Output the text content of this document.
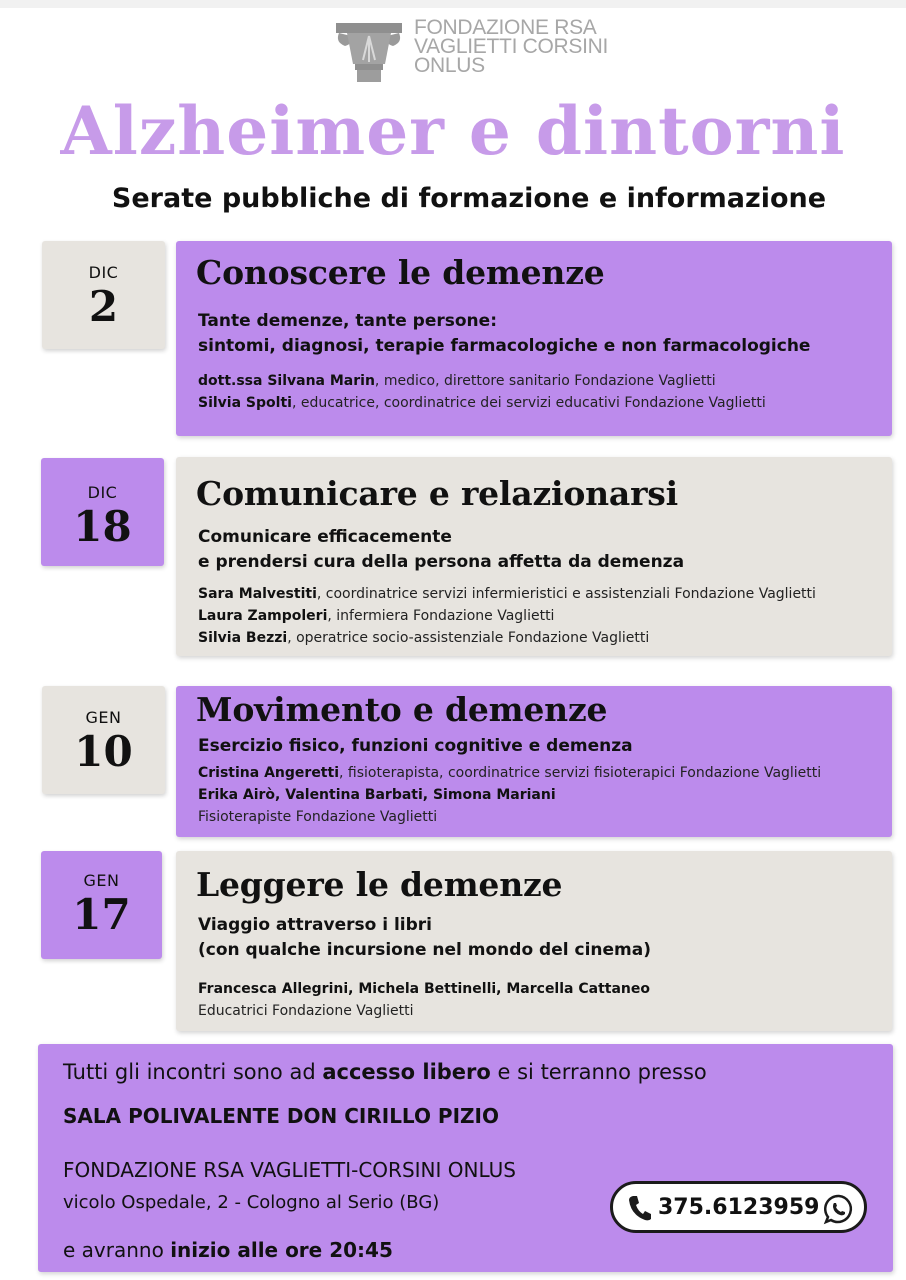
FONDAZIONE RSA
VAGLIETTI CORSINI
ONLUS
Alzheimer e dintorni
Serate pubbliche di formazione e informazione
DIC
2
Conoscere le demenze
Tante demenze, tante persone:
sintomi, diagnosi, terapie farmacologiche e non farmacologiche
dott.ssa Silvana Marin, medico, direttore sanitario Fondazione Vaglietti
Silvia Spolti, educatrice, coordinatrice dei servizi educativi Fondazione Vaglietti
DIC
18
Comunicare e relazionarsi
Comunicare efficacemente
e prendersi cura della persona affetta da demenza
Sara Malvestiti, coordinatrice servizi infermieristici e assistenziali Fondazione Vaglietti
Laura Zampoleri, infermiera Fondazione Vaglietti
Silvia Bezzi, operatrice socio-assistenziale Fondazione Vaglietti
GEN
10
Movimento e demenze
Esercizio fisico, funzioni cognitive e demenza
Cristina Angeretti, fisioterapista, coordinatrice servizi fisioterapici Fondazione Vaglietti
Erika Airò, Valentina Barbati, Simona Mariani
Fisioterapiste Fondazione Vaglietti
GEN
17
Leggere le demenze
Viaggio attraverso i libri
(con qualche incursione nel mondo del cinema)
Francesca Allegrini, Michela Bettinelli, Marcella Cattaneo
Educatrici Fondazione Vaglietti
Tutti gli incontri sono ad accesso libero e si terranno presso
SALA POLIVALENTE DON CIRILLO PIZIO
FONDAZIONE RSA VAGLIETTI-CORSINI ONLUS
vicolo Ospedale, 2 - Cologno al Serio (BG)
e avranno inizio alle ore 20:45
375.6123959
